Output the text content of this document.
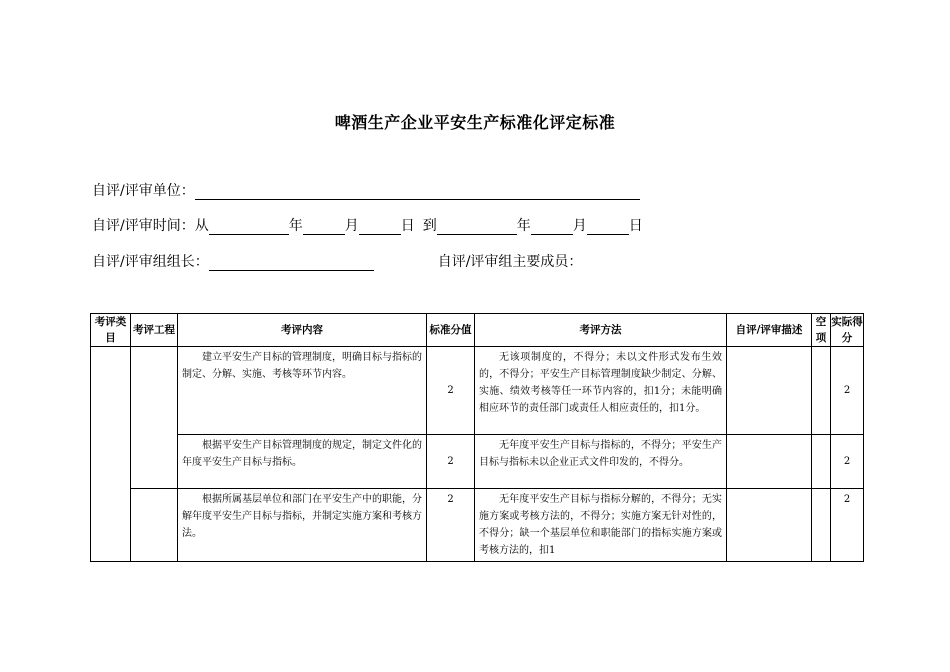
啤酒生产企业平安生产标准化评定标准
自评/评审单位：
自评/评审时间：从	年	月	日 到	年	月	日
自评/评审组组长：	自评/评审组主要成员：
考评类目	考评工程	考评内容	标准分值	考评方法	自评/评审描述	空项	实际得分

		建立平安生产目标的管理制度，明确目标与指标的制定、分解、实施、考核等环节内容。	2	无该项制度的，不得分；未以文件形式发布生效的，不得分；平安生产目标管理制度缺少制定、分解、实施、绩效考核等任一环节内容的，扣1分；未能明确相应环节的责任部门或责任人相应责任的，扣1分。			2

		根据平安生产目标管理制度的规定，制定文件化的年度平安生产目标与指标。	2	无年度平安生产目标与指标的，不得分；平安生产目标与指标未以企业正式文件印发的，不得分。			2

		根据所属基层单位和部门在平安生产中的职能，分解年度平安生产目标与指标，并制定实施方案和考核方法。	2	无年度平安生产目标与指标分解的，不得分；无实施方案或考核方法的，不得分；实施方案无针对性的，不得分；缺一个基层单位和职能部门的指标实施方案或考核方法的，扣1			2
